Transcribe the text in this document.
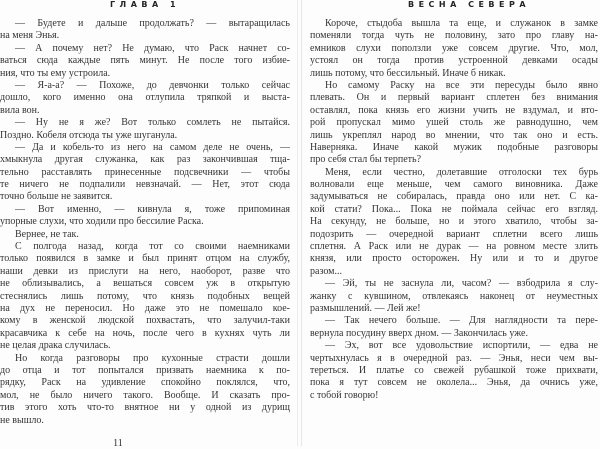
ГЛАВА 1
— Будете и дальше продолжать? — вытаращилась
на меня Энья.
— А почему нет? Не думаю, что Раск начнет со-
ваться сюда каждые пять минут. Не после того избие-
ния, что ты ему устроила.
— Я-а-а? — Похоже, до девчонки только сейчас
дошло, кого именно она отлупила тряпкой и выста-
вила вон.
— Ну не я же? Вот только сомлеть не пытайся.
Поздно. Кобеля отсюда ты уже шуганула.
— Да и кобель-то из него на самом деле не очень, —
хмыкнула другая служанка, как раз закончившая тща-
тельно расставлять принесенные подсвечники — чтобы
те ничего не подпалили невзначай. — Нет, этот сюда
точно больше не заявится.
— Вот именно, — кивнула я, тоже припоминая
упорные слухи, что ходили про бессилие Раска.
Вернее, не так.
С полгода назад, когда тот со своими наемниками
только появился в замке и был принят отцом на службу,
наши девки из прислуги на него, наоборот, разве что
не облизывались, а вешаться совсем уж в открытую
стеснялись лишь потому, что князь подобных вещей
на дух не переносил. Но даже это не помешало кое-
кому в женской людской похвастать, что залучил-таки
красавчика к себе на ночь, после чего в кухнях чуть ли
не целая драка случилась.
Но когда разговоры про кухонные страсти дошли
до отца и тот попытался призвать наемника к по-
рядку, Раск на удивление спокойно поклялся, что,
мол, не было ничего такого. Вообще. И сказать про-
тив этого хоть что-то внятное ни у одной из дурищ
не вышло.
ВЕСНА СЕВЕРА
Короче, стыдоба вышла та еще, и служанок в замке
поменяли тогда чуть не половину, зато про главу на-
емников слухи поползли уже совсем другие. Что, мол,
устоял он тогда против устроенной девками осады
лишь потому, что бессильный. Иначе б никак.
Но самому Раску на все эти пересуды было явно
плевать. Он и первый вариант сплетен без внимания
оставлял, пока князь его жизни учить не вздумал, и вто-
рой пропускал мимо ушей столь же равнодушно, чем
лишь укреплял народ во мнении, что так оно и есть.
Наверняка. Иначе какой мужик подобные разговоры
про себя стал бы терпеть?
Меня, если честно, долетавшие отголоски тех бурь
волновали еще меньше, чем самого виновника. Даже
задумываться не собиралась, правда оно или нет. С ка-
кой стати? Пока... Пока не поймала сейчас его взгляд.
На секунду, не больше, но и этого хватило, чтобы за-
подозрить — очередной вариант сплетни всего лишь
сплетня. А Раск или не дурак — на ровном месте злить
князя, или просто осторожен. Ну или и то и другое
разом...
— Эй, ты не заснула ли, часом? — взбодрила я слу-
жанку с кувшином, отвлекаясь наконец от неуместных
размышлений. — Лей же!
— Так нечего больше. — Для наглядности та пере-
вернула посудину вверх дном. — Закончилась уже.
— Эх, вот все удовольствие испортили, — едва не
чертыхнулась я в очередной раз. — Энья, неси чем вы-
тереться. И платье со свежей рубашкой тоже прихвати,
пока я тут совсем не околела... Энья, да очнись уже,
с тобой говорю!
11
